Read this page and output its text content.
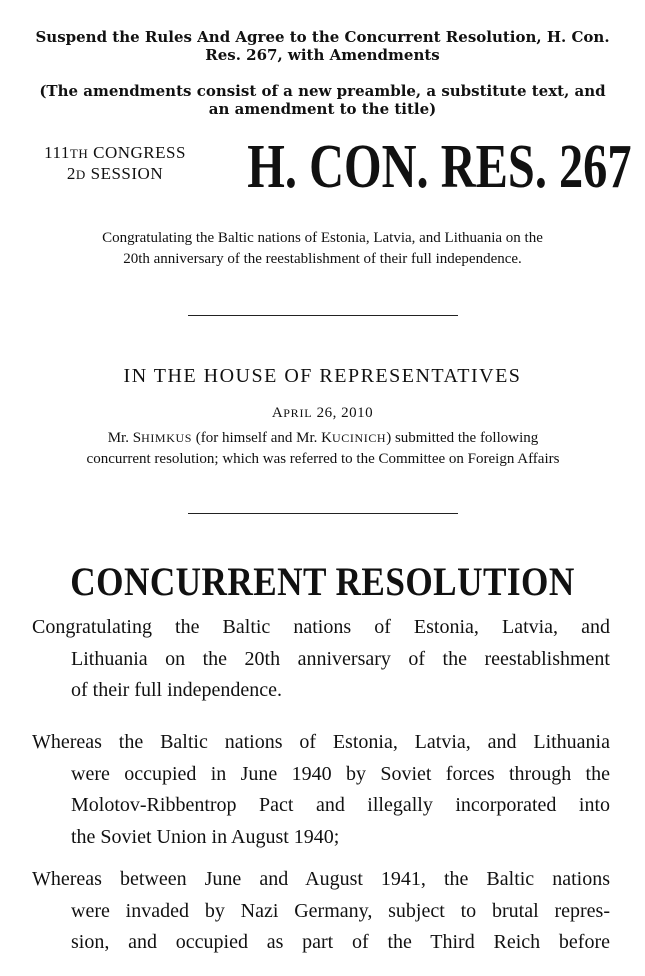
Suspend the Rules And Agree to the Concurrent Resolution, H. Con.
Res. 267, with Amendments
(The amendments consist of a new preamble, a substitute text, and
an amendment to the title)
111TH CONGRESS
2D SESSION	H. CON. RES. 267
Congratulating the Baltic nations of Estonia, Latvia, and Lithuania on the
20th anniversary of the reestablishment of their full independence.
IN THE HOUSE OF REPRESENTATIVES
APRIL 26, 2010
Mr. SHIMKUS (for himself and Mr. KUCINICH) submitted the following
concurrent resolution; which was referred to the Committee on Foreign Affairs
CONCURRENT RESOLUTION
Congratulating the Baltic nations of Estonia, Latvia, and
Lithuania on the 20th anniversary of the reestablishment
of their full independence.
Whereas the Baltic nations of Estonia, Latvia, and Lithuania
were occupied in June 1940 by Soviet forces through the
Molotov-Ribbentrop Pact and illegally incorporated into
the Soviet Union in August 1940;
Whereas between June and August 1941, the Baltic nations
were invaded by Nazi Germany, subject to brutal repres-
sion, and occupied as part of the Third Reich before
